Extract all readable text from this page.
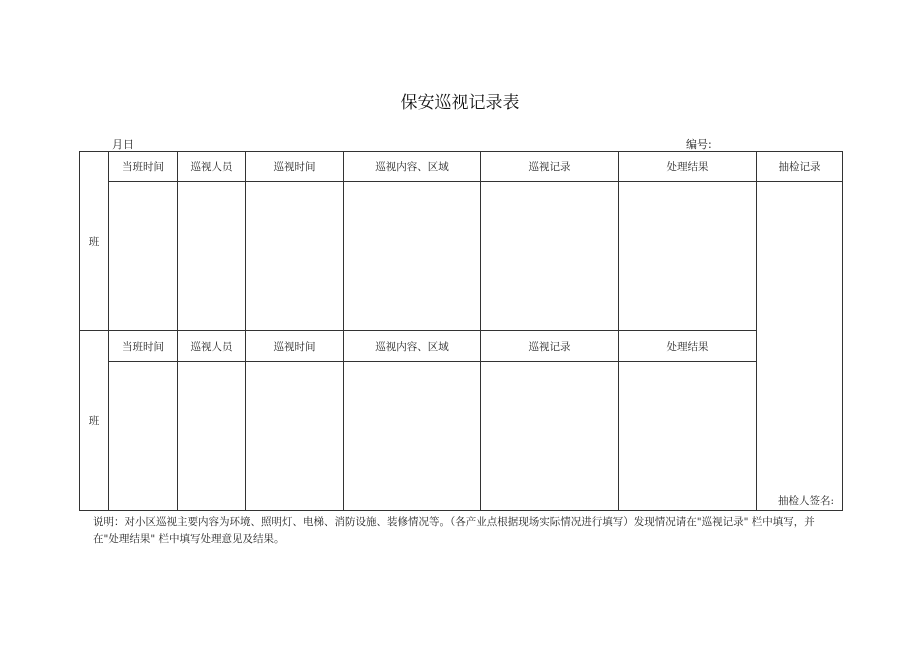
保安巡视记录表
月日	编号:
班	当班时间	巡视人员	巡视时间	巡视内容、区域	巡视记录	处理结果	抽检记录
							抽检人签名:
班	当班时间	巡视人员	巡视时间	巡视内容、区域	巡视记录	处理结果	

说明：对小区巡视主要内容为环境、照明灯、电梯、消防设施、装修情况等。（各产业点根据现场实际情况进行填写）发现情况请在"巡视记录" 栏中填写，并在"处理结果" 栏中填写处理意见及结果。
